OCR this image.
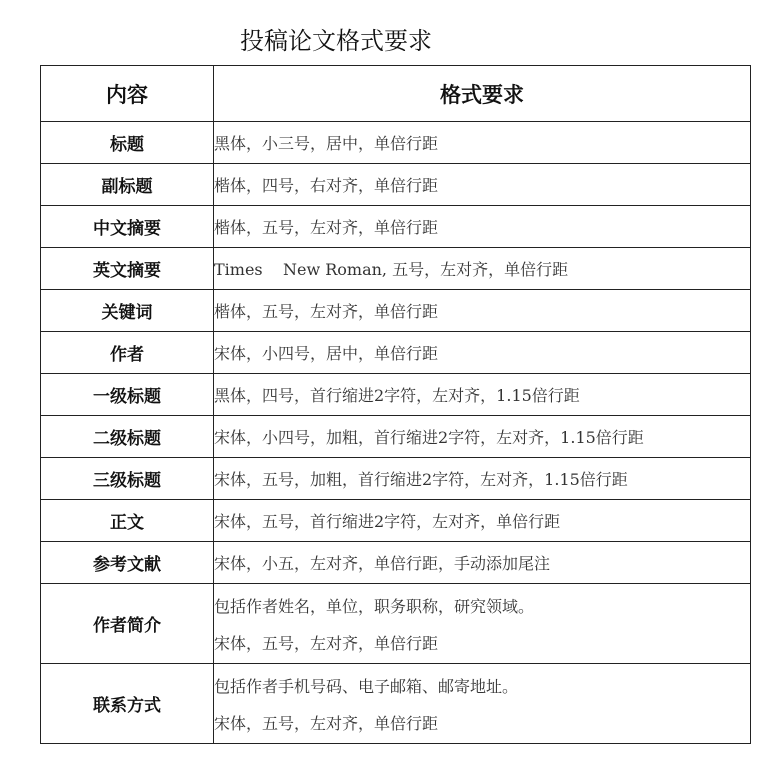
投稿论文格式要求
内容	格式要求
标题	黑体，小三号，居中，单倍行距
副标题	楷体，四号，右对齐，单倍行距
中文摘要	楷体，五号，左对齐，单倍行距
英文摘要	Times    New Roman, 五号，左对齐，单倍行距
关键词	楷体，五号，左对齐，单倍行距
作者	宋体，小四号，居中，单倍行距
一级标题	黑体，四号，首行缩进2字符，左对齐，1.15倍行距
二级标题	宋体，小四号，加粗，首行缩进2字符，左对齐，1.15倍行距
三级标题	宋体，五号，加粗，首行缩进2字符，左对齐，1.15倍行距
正文	宋体，五号，首行缩进2字符，左对齐，单倍行距
参考文献	宋体，小五，左对齐，单倍行距，手动添加尾注
作者简介	包括作者姓名，单位，职务职称，研究领域。
宋体，五号，左对齐，单倍行距

联系方式	包括作者手机号码、电子邮箱、邮寄地址。
宋体，五号，左对齐，单倍行距
